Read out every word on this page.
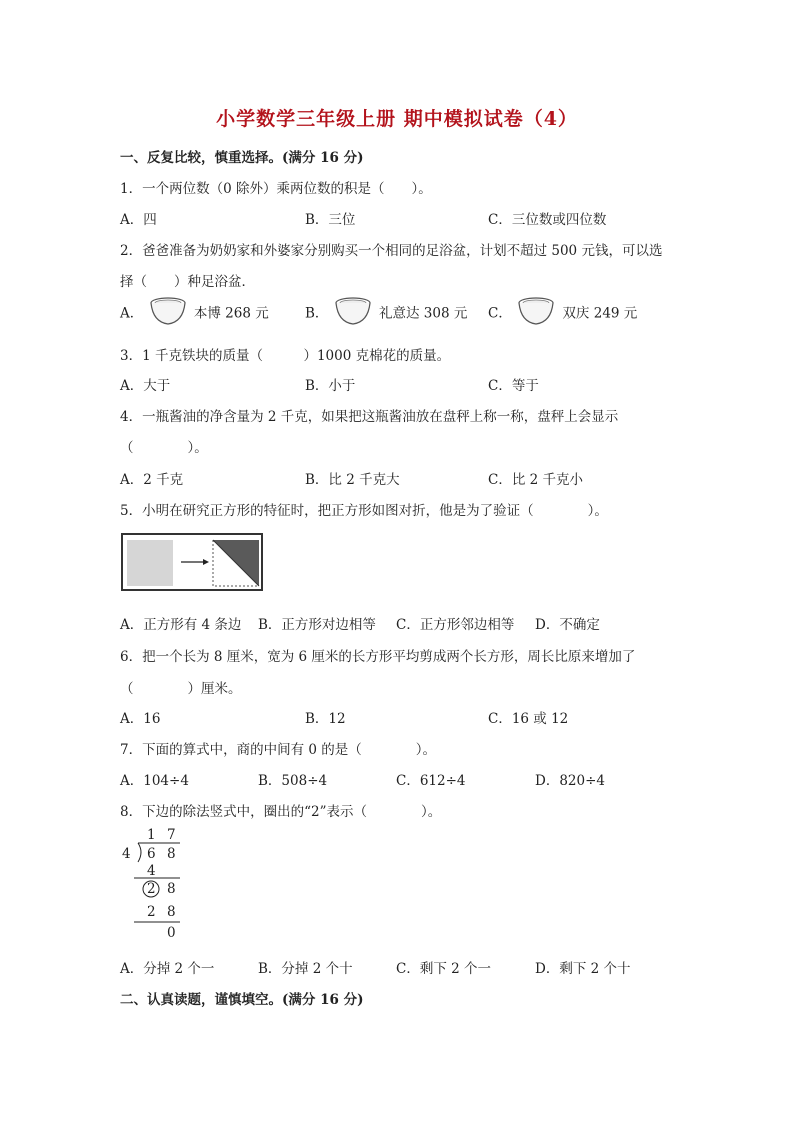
小学数学三年级上册 期中模拟试卷（4）
一、反复比较，慎重选择。(满分 16 分)
1．一个两位数（0 除外）乘两位数的积是（　　）。
A．四	B．三位	C．三位数或四位数
2．爸爸准备为奶奶家和外婆家分别购买一个相同的足浴盆，计划不超过 500 元钱，可以选
择（　　）种足浴盆．
A．	本博 268 元	B．	礼意达 308 元 C．	双庆 249 元
3．1 千克铁块的质量（　　　）1000 克棉花的质量。
A．大于	B．小于	C．等于
4．一瓶酱油的净含量为 2 千克，如果把这瓶酱油放在盘秤上称一称，盘秤上会显示
（　　　　）。
A．2 千克	B．比 2 千克大	C．比 2 千克小
5．小明在研究正方形的特征时，把正方形如图对折，他是为了验证（　　　　）。
A．正方形有 4 条边 B．正方形对边相等 C．正方形邻边相等 D．不确定
6．把一个长为 8 厘米，宽为 6 厘米的长方形平均剪成两个长方形，周长比原来增加了
（　　　　）厘米。
A．16	B．12	C．16 或 12
7．下面的算式中，商的中间有 0 的是（　　　　）。
A．104÷4	B．508÷4	C．612÷4	D．820÷4
8．下边的除法竖式中，圈出的“2”表示（　　　　）。
1 7
4 6 8
4
2 8
2 8
0
A．分掉 2 个一	B．分掉 2 个十	C．剩下 2 个一	D．剩下 2 个十
二、认真读题，谨慎填空。(满分 16 分)
